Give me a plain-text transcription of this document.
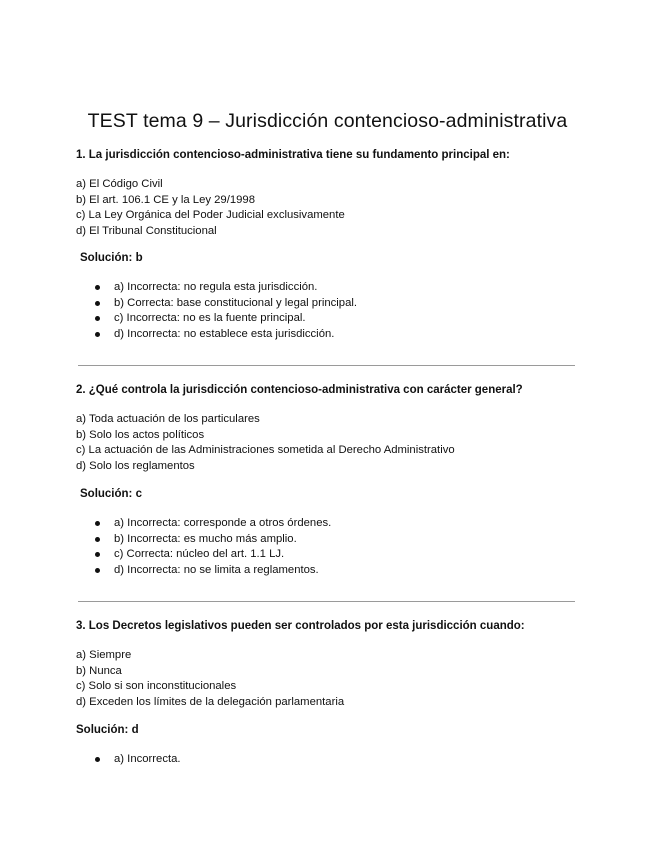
TEST tema 9 – Jurisdicción contencioso-administrativa

1. La jurisdicción contencioso-administrativa tiene su fundamento principal en:

a) El Código Civil
b) El art. 106.1 CE y la Ley 29/1998
c) La Ley Orgánica del Poder Judicial exclusivamente
d) El Tribunal Constitucional

Solución: b

a) Incorrecta: no regula esta jurisdicción.
b) Correcta: base constitucional y legal principal.
c) Incorrecta: no es la fuente principal.
d) Incorrecta: no establece esta jurisdicción.

2. ¿Qué controla la jurisdicción contencioso-administrativa con carácter general?

a) Toda actuación de los particulares
b) Solo los actos políticos
c) La actuación de las Administraciones sometida al Derecho Administrativo
d) Solo los reglamentos

Solución: c

a) Incorrecta: corresponde a otros órdenes.
b) Incorrecta: es mucho más amplio.
c) Correcta: núcleo del art. 1.1 LJ.
d) Incorrecta: no se limita a reglamentos.

3. Los Decretos legislativos pueden ser controlados por esta jurisdicción cuando:

a) Siempre
b) Nunca
c) Solo si son inconstitucionales
d) Exceden los límites de la delegación parlamentaria

Solución: d

a) Incorrecta.
